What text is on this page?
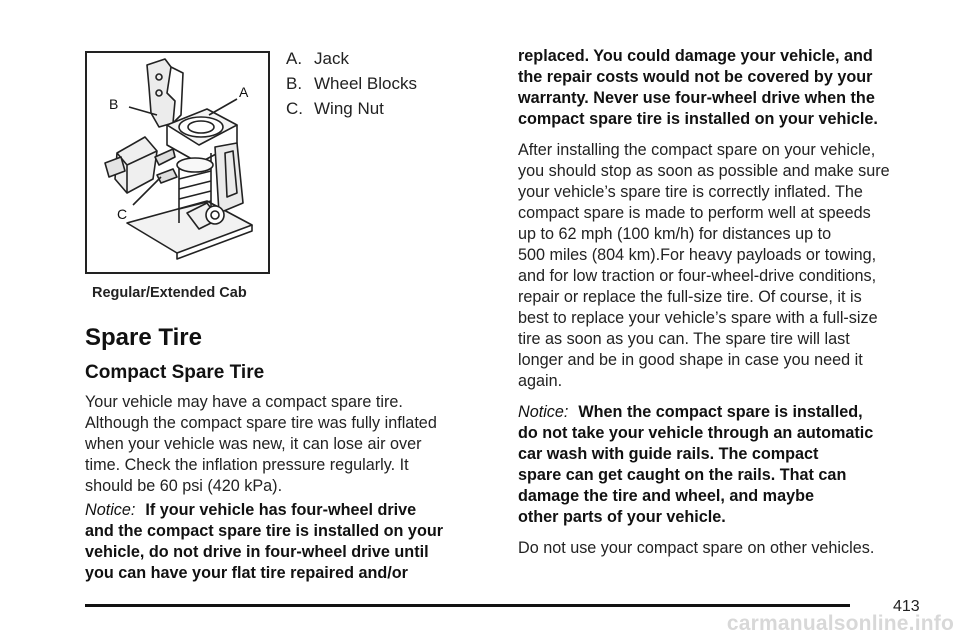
B
A
C
Regular/Extended Cab
A. Jack
B. Wheel Blocks
C. Wing Nut
Spare Tire
Compact Spare Tire
Your vehicle may have a compact spare tire.
Although the compact spare tire was fully inflated
when your vehicle was new, it can lose air over
time. Check the inflation pressure regularly. It
should be 60 psi (420 kPa).
Notice: If your vehicle has four-wheel drive
and the compact spare tire is installed on your
vehicle, do not drive in four-wheel drive until
you can have your flat tire repaired and/or
replaced. You could damage your vehicle, and
the repair costs would not be covered by your
warranty. Never use four-wheel drive when the
compact spare tire is installed on your vehicle.
After installing the compact spare on your vehicle,
you should stop as soon as possible and make sure
your vehicle’s spare tire is correctly inflated. The
compact spare is made to perform well at speeds
up to 62 mph (100 km/h) for distances up to
500 miles (804 km).For heavy payloads or towing,
and for low traction or four-wheel-drive conditions,
repair or replace the full-size tire. Of course, it is
best to replace your vehicle’s spare with a full-size
tire as soon as you can. The spare tire will last
longer and be in good shape in case you need it
again.
Notice: When the compact spare is installed,
do not take your vehicle through an automatic
car wash with guide rails. The compact
spare can get caught on the rails. That can
damage the tire and wheel, and maybe
other parts of your vehicle.
Do not use your compact spare on other vehicles.
413
carmanualsonline.info
